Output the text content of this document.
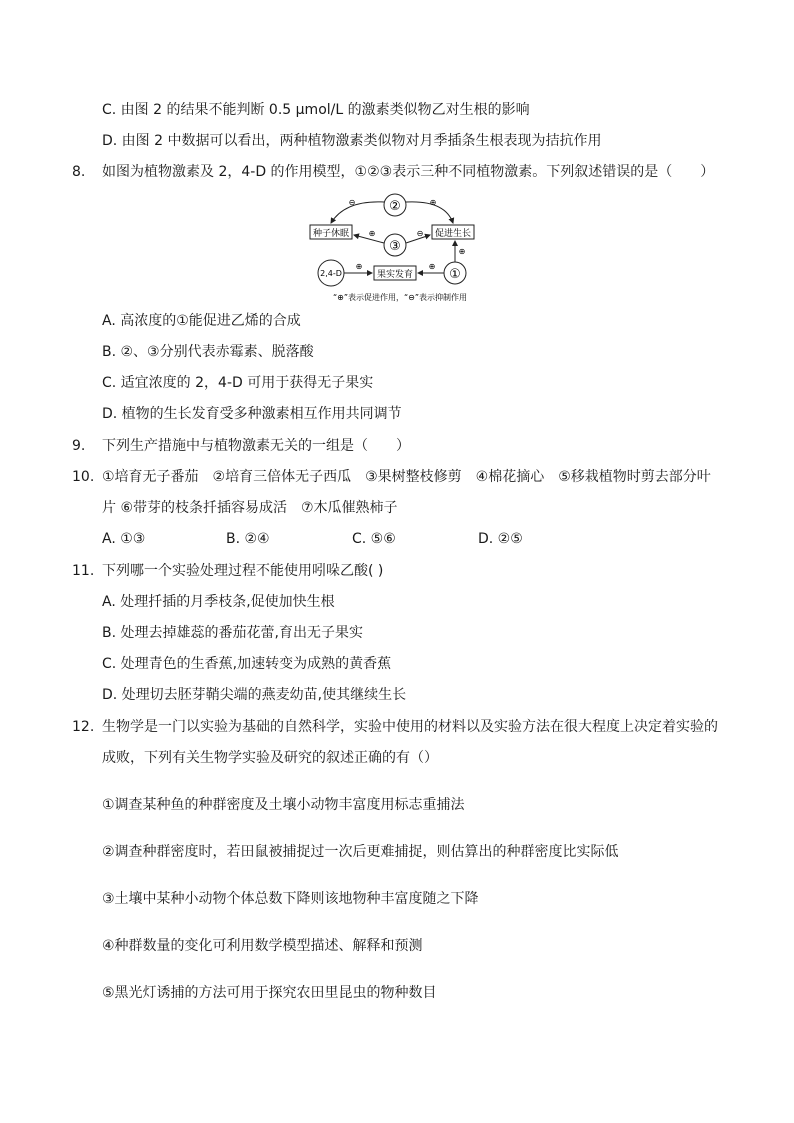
C. 由图 2 的结果不能判断 0.5 μmol/L 的激素类似物乙对生根的影响
D. 由图 2 中数据可以看出，两种植物激素类似物对月季插条生根表现为拮抗作用
8. 如图为植物激素及 2，4-D 的作用模型，①②③表示三种不同植物激素。下列叙述错误的是（　　）
②
③
①
2,4-D
种子休眠	促进生长
果实发育
⊖	⊕
⊕	⊖
⊕
⊕
⊕
“⊕”表示促进作用，“⊖”表示抑制作用
A. 高浓度的①能促进乙烯的合成
B. ②、③分别代表赤霉素、脱落酸
C. 适宜浓度的 2，4-D 可用于获得无子果实
D. 植物的生长发育受多种激素相互作用共同调节
9. 下列生产措施中与植物激素无关的一组是（　　）
10. ①培育无子番茄　②培育三倍体无子西瓜　③果树整枝修剪　④棉花摘心　⑤移栽植物时剪去部分叶
片 ⑥带芽的枝条扦插容易成活　⑦木瓜催熟柿子
A. ①③	B. ②④	C. ⑤⑥	D. ②⑤
11. 下列哪一个实验处理过程不能使用吲哚乙酸( )
A. 处理扦插的月季枝条,促使加快生根
B. 处理去掉雄蕊的番茄花蕾,育出无子果实
C. 处理青色的生香蕉,加速转变为成熟的黄香蕉
D. 处理切去胚芽鞘尖端的燕麦幼苗,使其继续生长
12. 生物学是一门以实验为基础的自然科学，实验中使用的材料以及实验方法在很大程度上决定着实验的
成败，下列有关生物学实验及研究的叙述正确的有（）
①调查某种鱼的种群密度及土壤小动物丰富度用标志重捕法
②调查种群密度时，若田鼠被捕捉过一次后更难捕捉，则估算出的种群密度比实际低
③土壤中某种小动物个体总数下降则该地物种丰富度随之下降
④种群数量的变化可利用数学模型描述、解释和预测
⑤黑光灯诱捕的方法可用于探究农田里昆虫的物种数目
